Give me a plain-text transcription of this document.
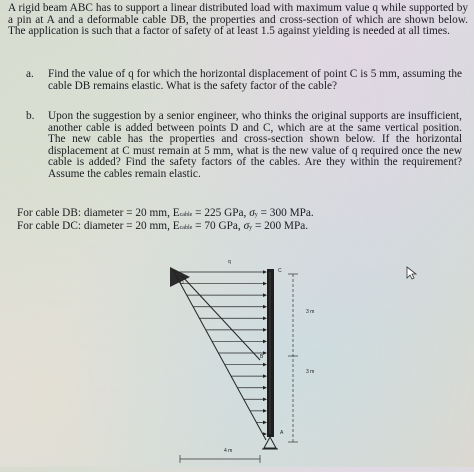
A rigid beam ABC has to support a linear distributed load with maximum value q while supported by a pin at A and a deformable cable DB, the properties and cross-section of which are shown below. The application is such that a factor of safety of at least 1.5 against yielding is needed at all times.

a. Find the value of q for which the horizontal displacement of point C is 5 mm, assuming the cable DB remains elastic. What is the safety factor of the cable?

b. Upon the suggestion by a senior engineer, who thinks the original supports are insufficient, another cable is added between points D and C, which are at the same vertical position. The new cable has the properties and cross-section shown below. If the horizontal displacement at C must remain at 5 mm, what is the new value of q required once the new cable is added? Find the safety factors of the cables. Are they within the requirement? Assume the cables remain elastic.

For cable DB: diameter = 20 mm, Ecable = 225 GPa, σy = 300 MPa.
For cable DC: diameter = 20 mm, Ecable = 70 GPa, σy = 200 MPa.
q
C
D
B
A
3 m
3 m
4 m
